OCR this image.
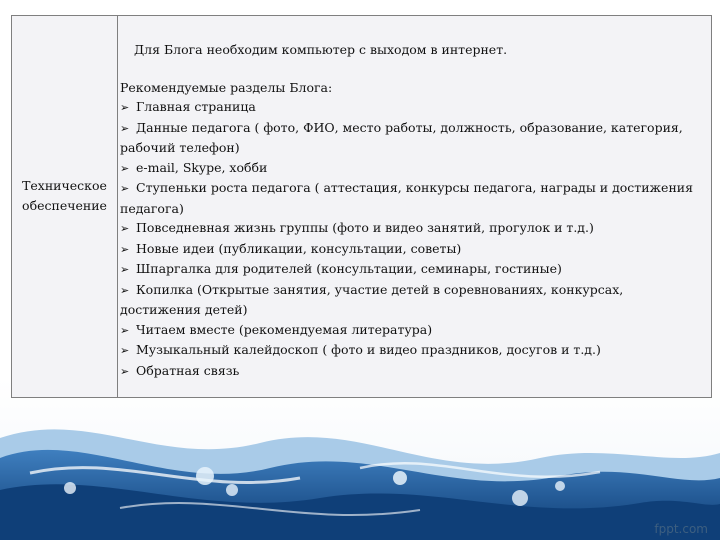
Техническое
обеспечение
Для Блога необходим компьютер с выходом в интернет.
Рекомендуемые разделы Блога:
➢ Главная страница
➢ Данные педагога ( фото, ФИО, место работы, должность, образование, категория, рабочий телефон)
➢ e-mail, Skype, хобби
➢ Ступеньки роста педагога ( аттестация, конкурсы педагога, награды и достижения педагога)
➢ Повседневная жизнь группы (фото и видео занятий, прогулок и т.д.)
➢ Новые идеи (публикации, консультации, советы)
➢ Шпаргалка для родителей (консультации, семинары, гостиные)
➢ Копилка (Открытые занятия, участие детей в соревнованиях, конкурсах, достижения детей)
➢ Читаем вместе (рекомендуемая литература)
➢ Музыкальный калейдоскоп ( фото и видео праздников, досугов и т.д.)
➢ Обратная связь
fppt.com
